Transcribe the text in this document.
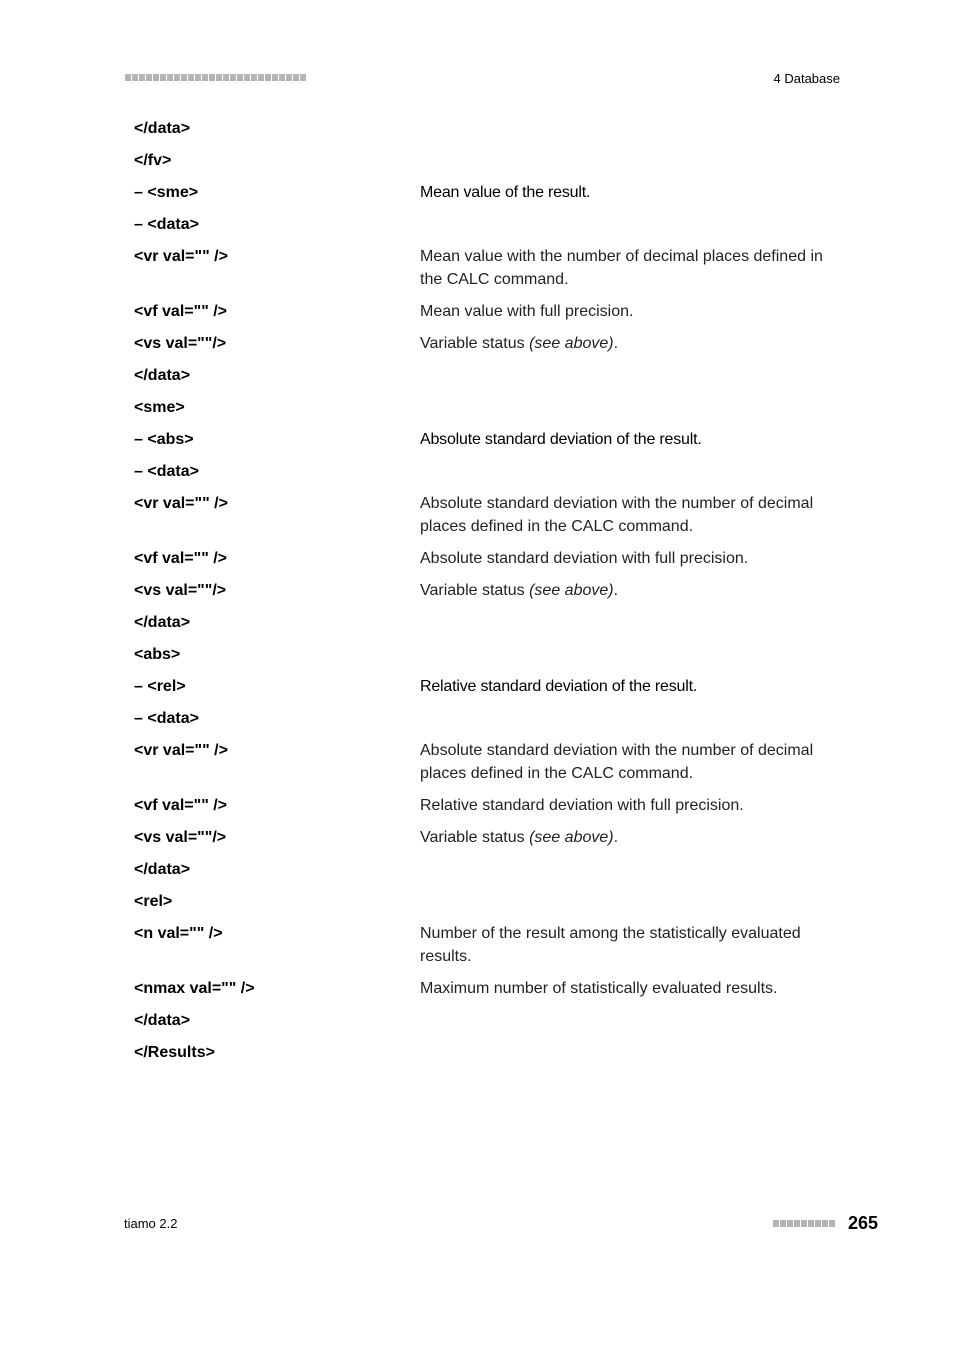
4 Database
</data>
</fv>
– <sme>	Mean value of the result.
– <data>
<vr val="" />	Mean value with the number of decimal places defined in the CALC command.
<vf val="" />	Mean value with full precision.
<vs val=""/>	Variable status (see above).
</data>
<sme>
– <abs>	Absolute standard deviation of the result.
– <data>
<vr val="" />	Absolute standard deviation with the number of decimal places defined in the CALC command.
<vf val="" />	Absolute standard deviation with full precision.
<vs val=""/>	Variable status (see above).
</data>
<abs>
– <rel>	Relative standard deviation of the result.
– <data>
<vr val="" />	Absolute standard deviation with the number of decimal places defined in the CALC command.
<vf val="" />	Relative standard deviation with full precision.
<vs val=""/>	Variable status (see above).
</data>
<rel>
<n val="" />	Number of the result among the statistically evaluated results.
<nmax val="" />	Maximum number of statistically evaluated results.
</data>
</Results>
tiamo 2.2	265
